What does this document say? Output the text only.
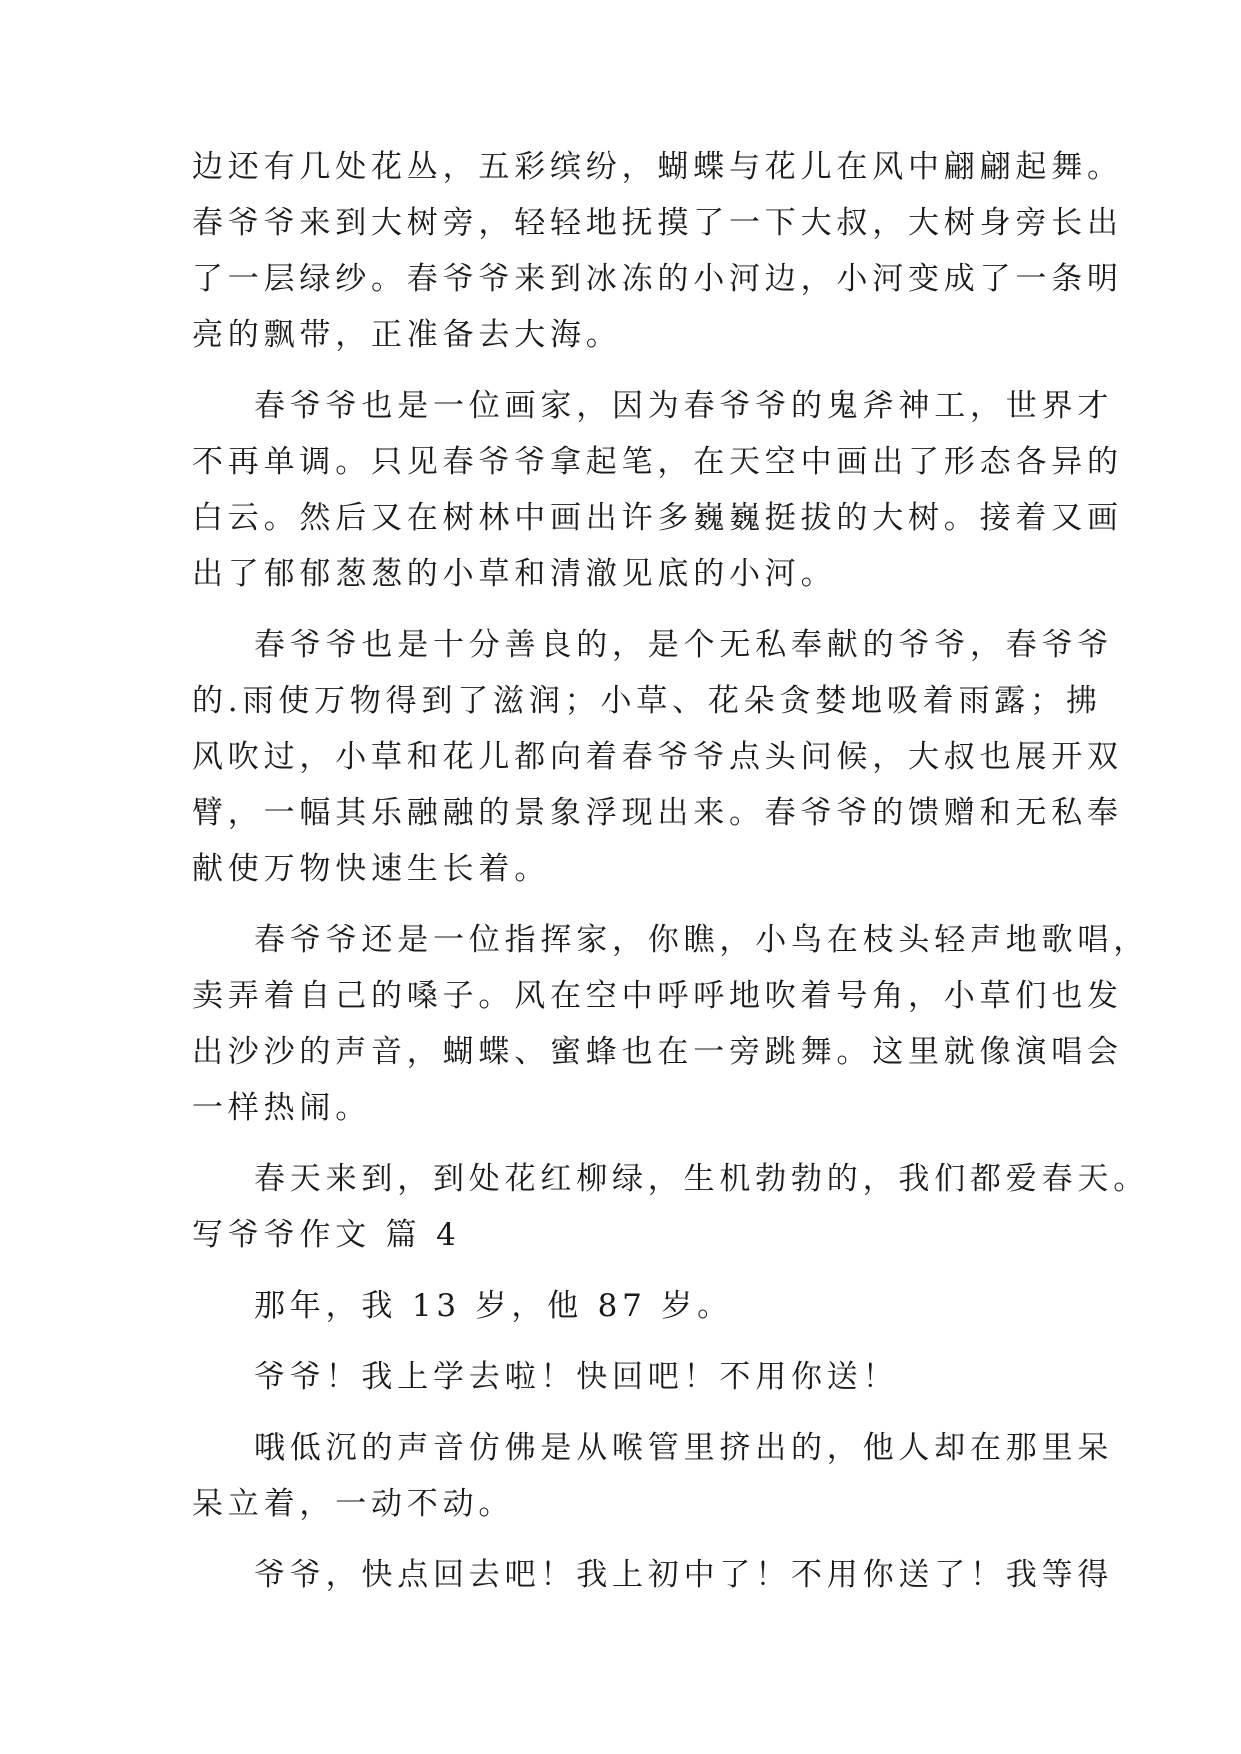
边还有几处花丛，五彩缤纷，蝴蝶与花儿在风中翩翩起舞。

春爷爷来到大树旁，轻轻地抚摸了一下大叔，大树身旁长出

了一层绿纱。春爷爷来到冰冻的小河边，小河变成了一条明

亮的飘带，正准备去大海。

春爷爷也是一位画家，因为春爷爷的鬼斧神工，世界才

不再单调。只见春爷爷拿起笔，在天空中画出了形态各异的

白云。然后又在树林中画出许多巍巍挺拔的大树。接着又画

出了郁郁葱葱的小草和清澈见底的小河。

春爷爷也是十分善良的，是个无私奉献的爷爷，春爷爷

的.雨使万物得到了滋润；小草、花朵贪婪地吸着雨露；拂

风吹过，小草和花儿都向着春爷爷点头问候，大叔也展开双

臂，一幅其乐融融的景象浮现出来。春爷爷的馈赠和无私奉

献使万物快速生长着。

春爷爷还是一位指挥家，你瞧，小鸟在枝头轻声地歌唱，

卖弄着自己的嗓子。风在空中呼呼地吹着号角，小草们也发

出沙沙的声音，蝴蝶、蜜蜂也在一旁跳舞。这里就像演唱会

一样热闹。

春天来到，到处花红柳绿，生机勃勃的，我们都爱春天。

写爷爷作文 篇 4

那年，我 13 岁，他 87 岁。

爷爷！我上学去啦！快回吧！不用你送！

哦低沉的声音仿佛是从喉管里挤出的，他人却在那里呆

呆立着，一动不动。

爷爷，快点回去吧！我上初中了！不用你送了！我等得
